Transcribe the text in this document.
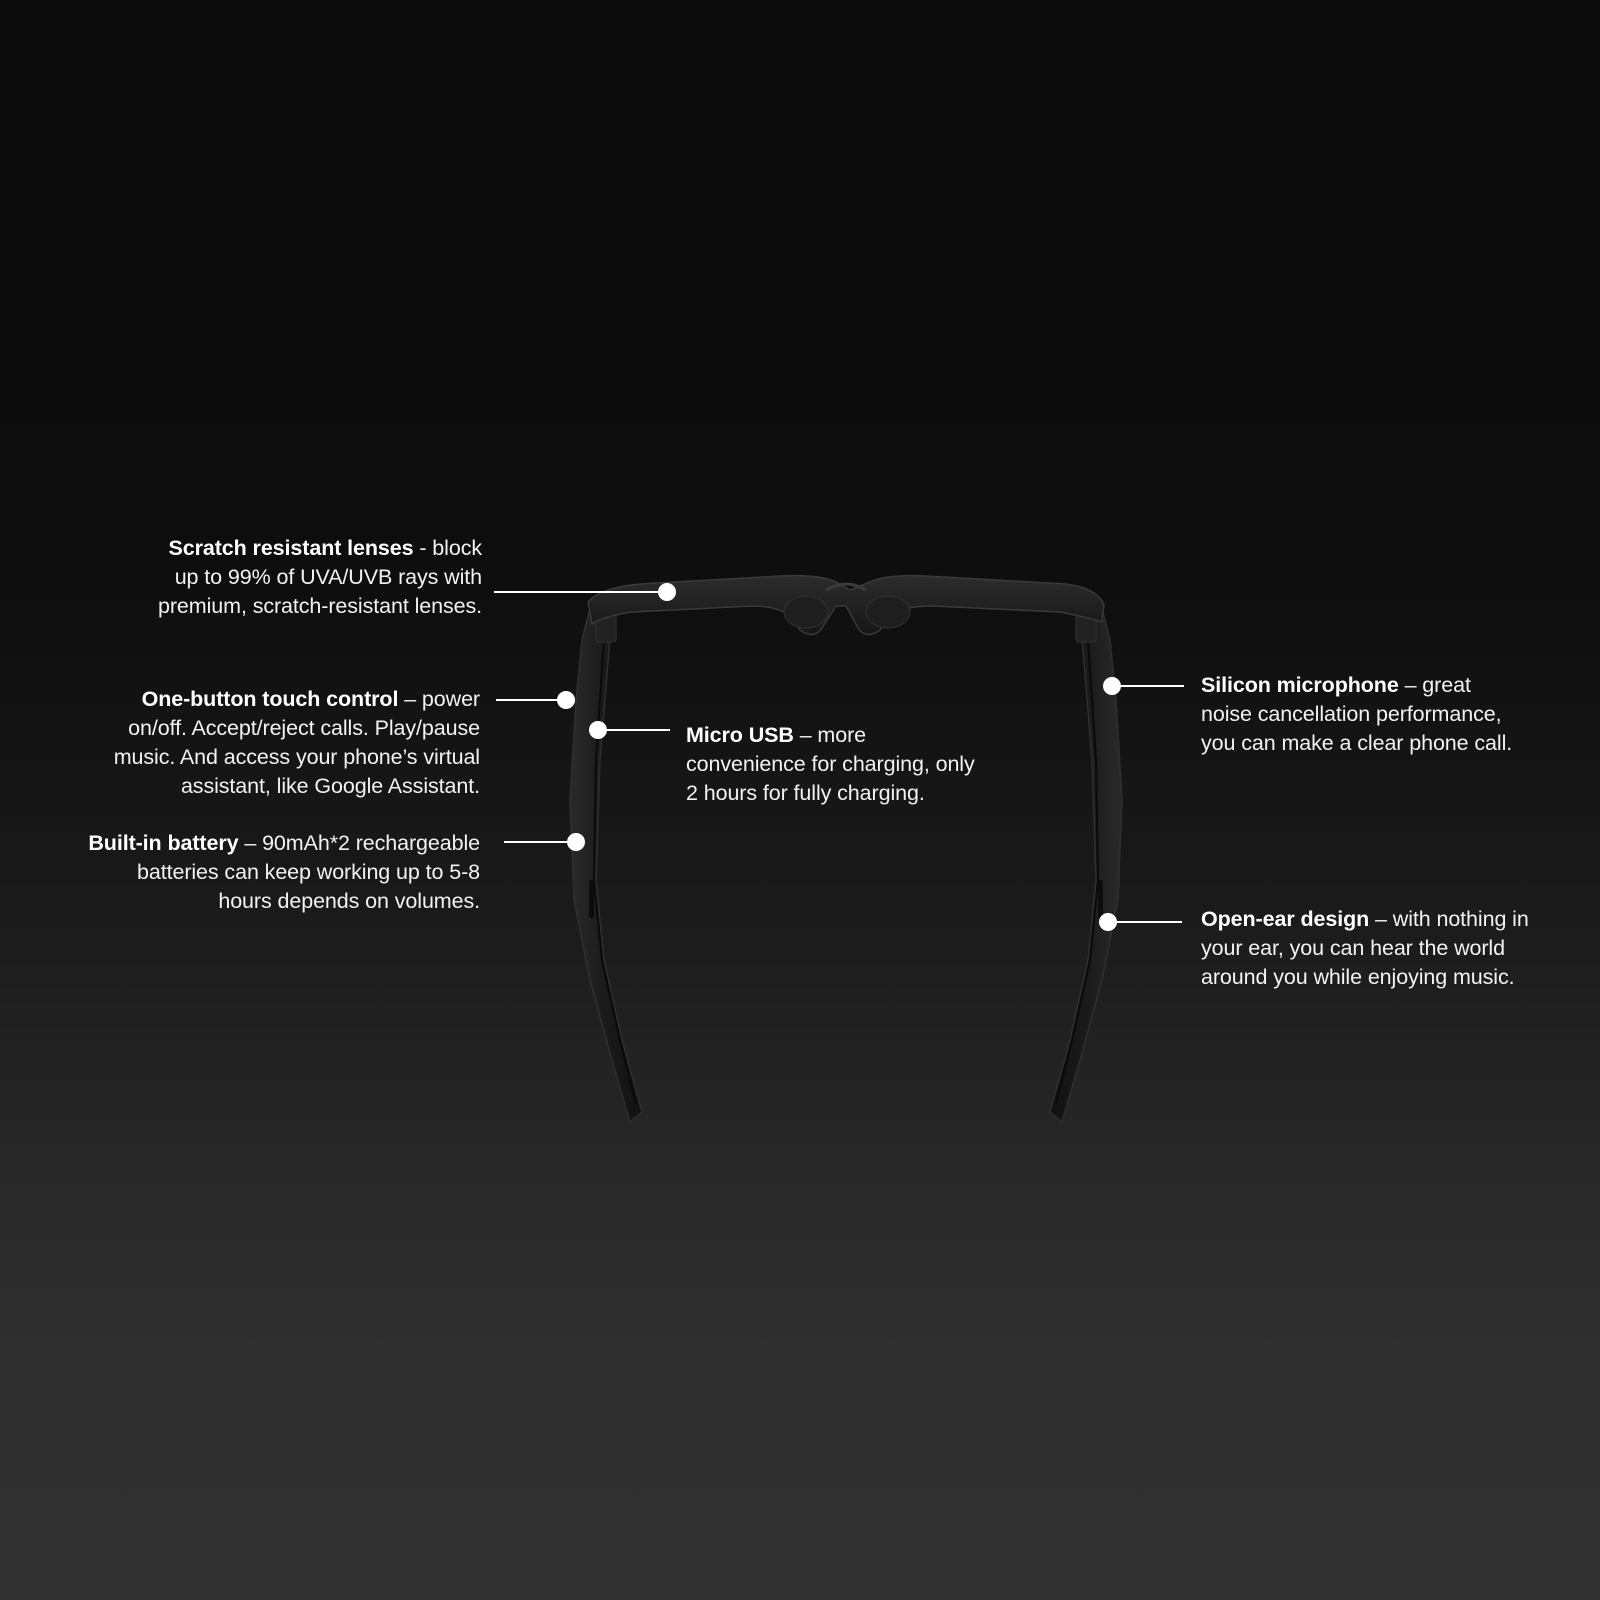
Scratch resistant lenses - block
up to 99% of UVA/UVB rays with
premium, scratch-resistant lenses.
One-button touch control – power
on/off. Accept/reject calls. Play/pause
music. And access your phone’s virtual
assistant, like Google Assistant.
Built-in battery – 90mAh*2 rechargeable
batteries can keep working up to 5-8
hours depends on volumes.
Micro USB – more
convenience for charging, only
2 hours for fully charging.
Silicon microphone – great
noise cancellation performance,
you can make a clear phone call.
Open-ear design – with nothing in
your ear, you can hear the world
around you while enjoying music.
